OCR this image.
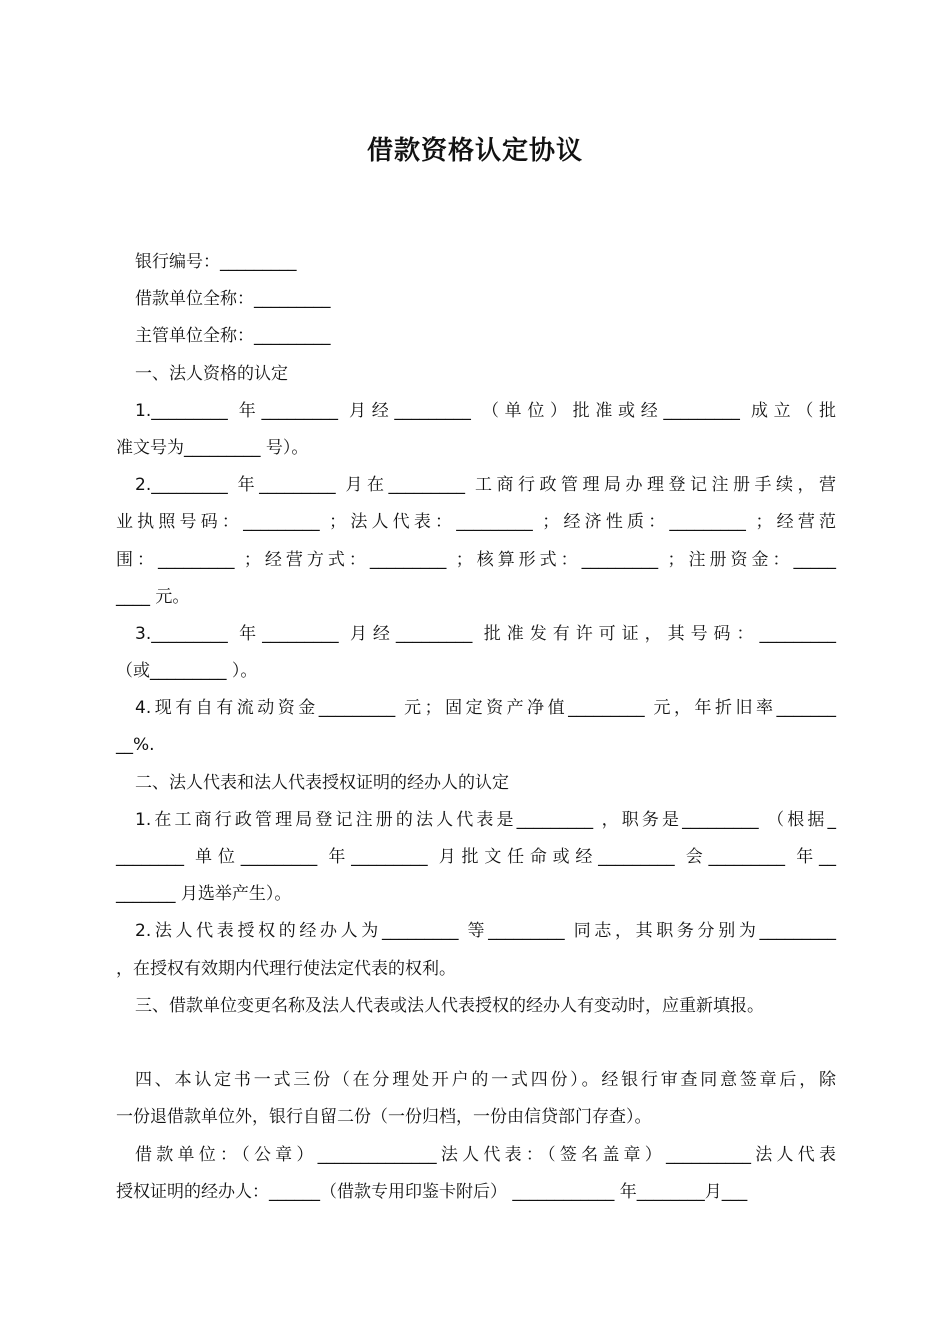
借款资格认定协议
银行编号：_________
借款单位全称：_________
主管单位全称：_________
一、法人资格的认定
1._________ 年_________ 月经_________ （单位）批准或经_________ 成立（批
准文号为_________ 号）。
2._________ 年_________ 月在_________ 工商行政管理局办理登记注册手续，营
业执照号码：_________ ；法人代表：_________ ；经济性质：_________ ；经营范
围：_________ ；经营方式：_________ ；核算形式：_________ ；注册资金：_____
____ 元。
3._________ 年_________ 月经_________ 批准发有许可证，其号码：_________
（或_________ ）。
4.现有自有流动资金_________ 元；固定资产净值_________ 元，年折旧率_______
__%.
二、法人代表和法人代表授权证明的经办人的认定
1.在工商行政管理局登记注册的法人代表是_________ ，职务是_________ （根据_
________ 单位_________ 年_________ 月批文任命或经_________ 会_________ 年__
_______ 月选举产生）。
2.法人代表授权的经办人为_________ 等_________ 同志，其职务分别为_________
，在授权有效期内代理行使法定代表的权利。
三、借款单位变更名称及法人代表或法人代表授权的经办人有变动时，应重新填报。
四、本认定书一式三份（在分理处开户的一式四份）。经银行审查同意签章后，除
一份退借款单位外，银行自留二份（一份归档，一份由信贷部门存查）。
借款单位：（公章）______________法人代表：（签名盖章）__________法人代表
授权证明的经办人：______（借款专用印鉴卡附后） ____________ 年________月___
